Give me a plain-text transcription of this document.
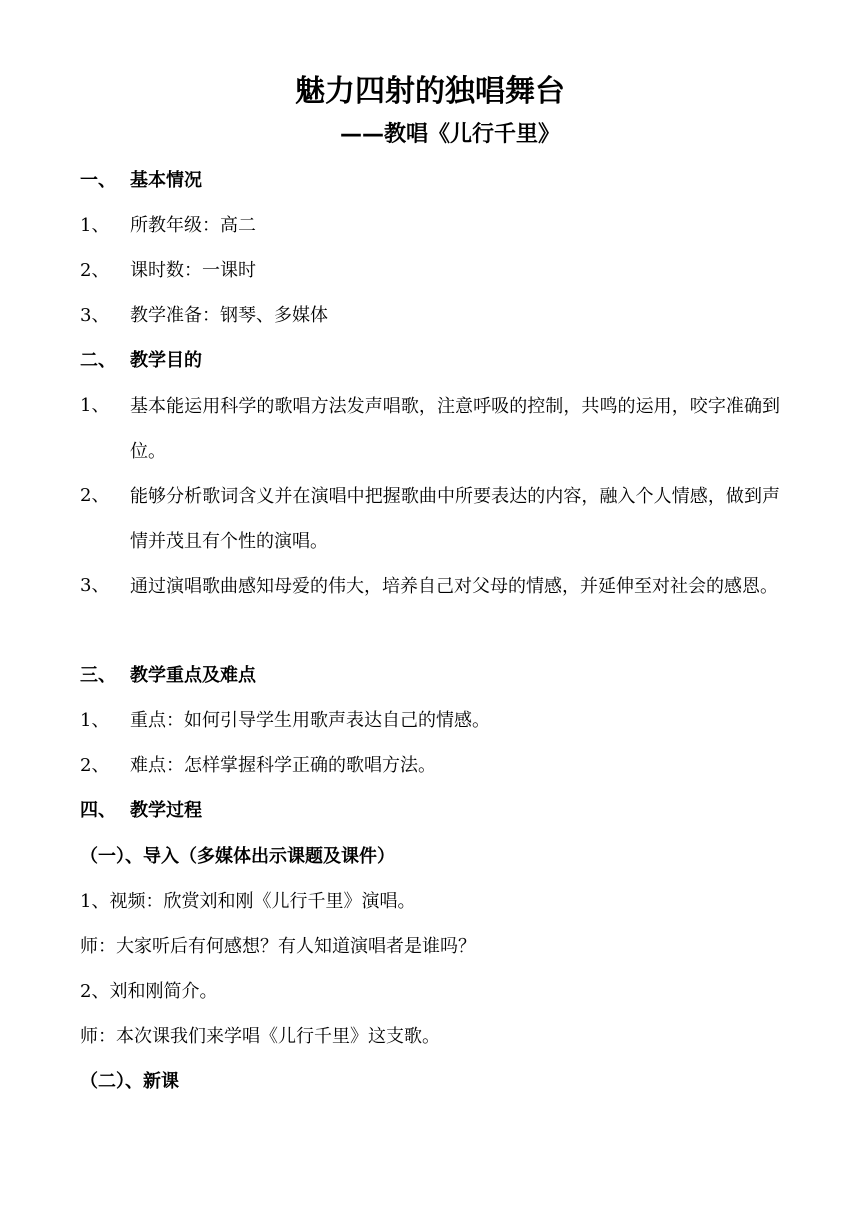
魅力四射的独唱舞台
——教唱《儿行千里》
一、 基本情况
1、 所教年级：高二
2、 课时数：一课时
3、 教学准备：钢琴、多媒体
二、 教学目的
1、 基本能运用科学的歌唱方法发声唱歌，注意呼吸的控制，共鸣的运用，咬字准确到位。
2、 能够分析歌词含义并在演唱中把握歌曲中所要表达的内容，融入个人情感，做到声情并茂且有个性的演唱。
3、 通过演唱歌曲感知母爱的伟大，培养自己对父母的情感，并延伸至对社会的感恩。
三、 教学重点及难点
1、 重点：如何引导学生用歌声表达自己的情感。
2、 难点：怎样掌握科学正确的歌唱方法。
四、 教学过程
（一）、导入（多媒体出示课题及课件）
1、视频：欣赏刘和刚《儿行千里》演唱。
师：大家听后有何感想？有人知道演唱者是谁吗？
2、刘和刚简介。
师：本次课我们来学唱《儿行千里》这支歌。
（二）、新课
